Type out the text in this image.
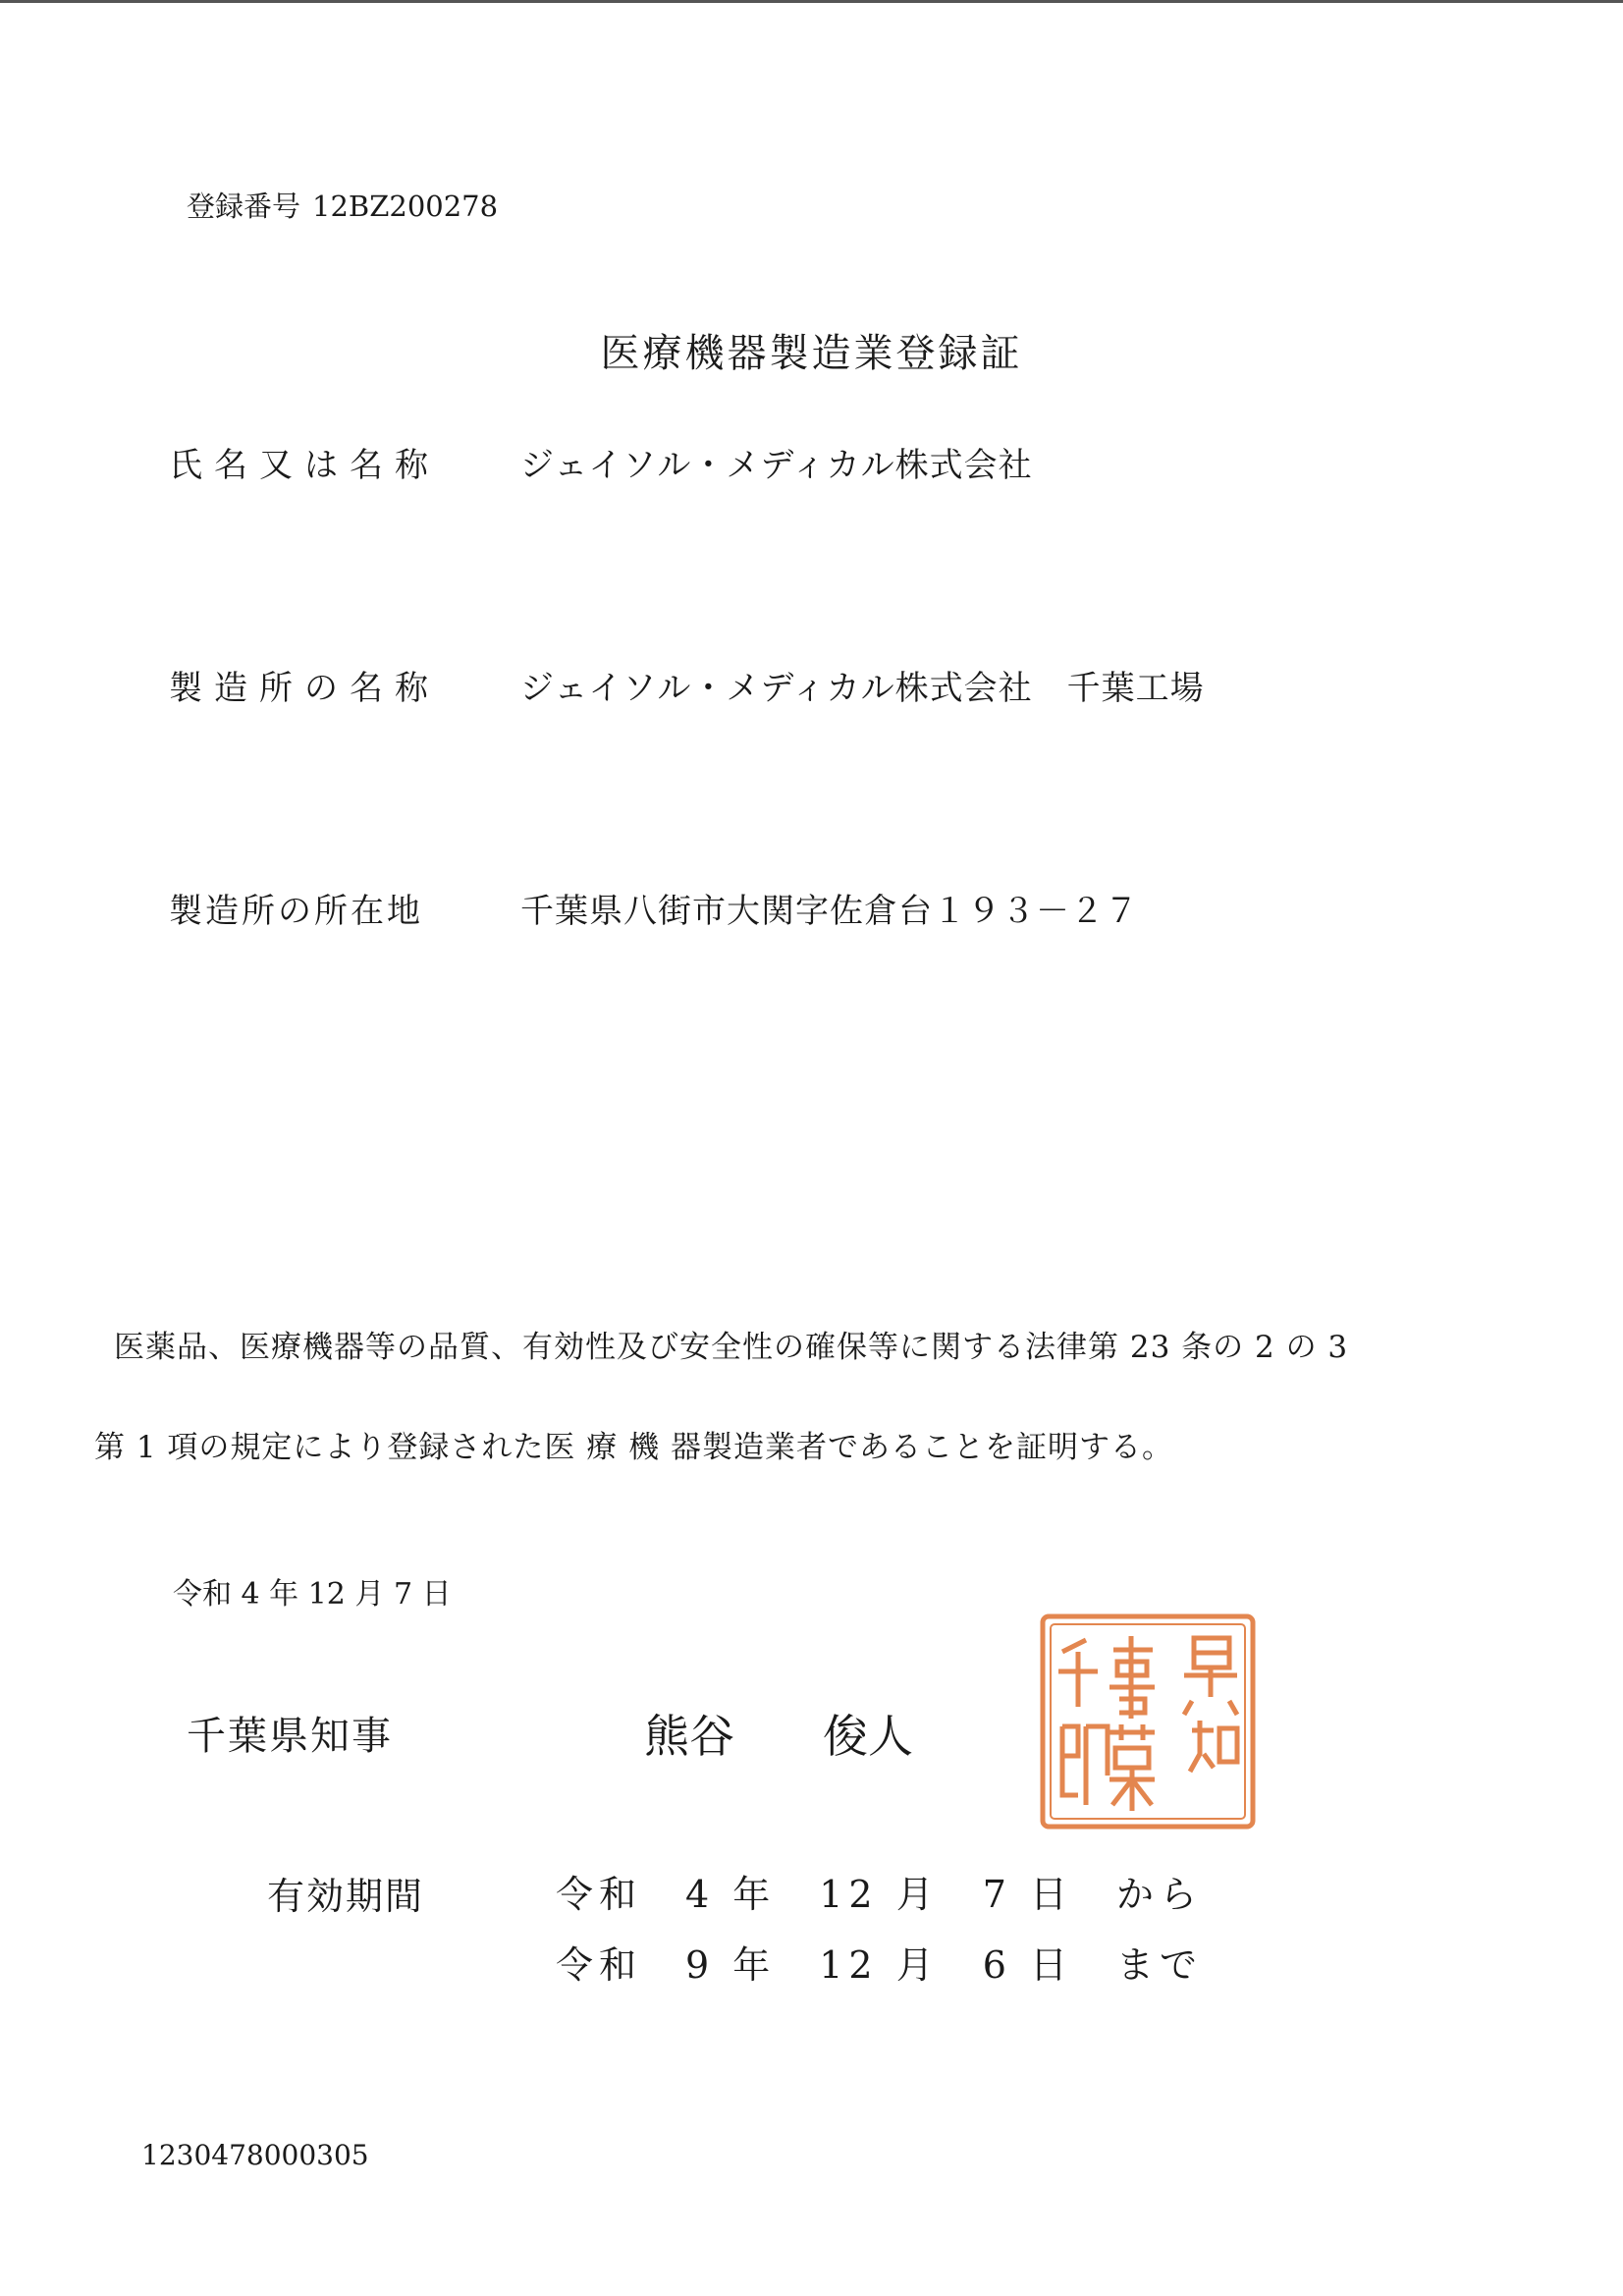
登録番号 12BZ200278
医療機器製造業登録証
氏名又は名称 ジェイソル・メディカル株式会社
製造所の名称 ジェイソル・メディカル株式会社　千葉工場
製造所の所在地	千葉県八街市大関字佐倉台１９３－２７
医薬品、医療機器等の品質、有効性及び安全性の確保等に関する法律第 23 条の 2 の 3
第 1 項の規定により登録された医 療 機 器製造業者であることを証明する。
令和 4 年 12 月 7 日
千葉県知事	熊谷 俊人
有効期間	令和　4 年　12 月　7 日　から
令和　9 年　12 月　6 日　まで
1230478000305
